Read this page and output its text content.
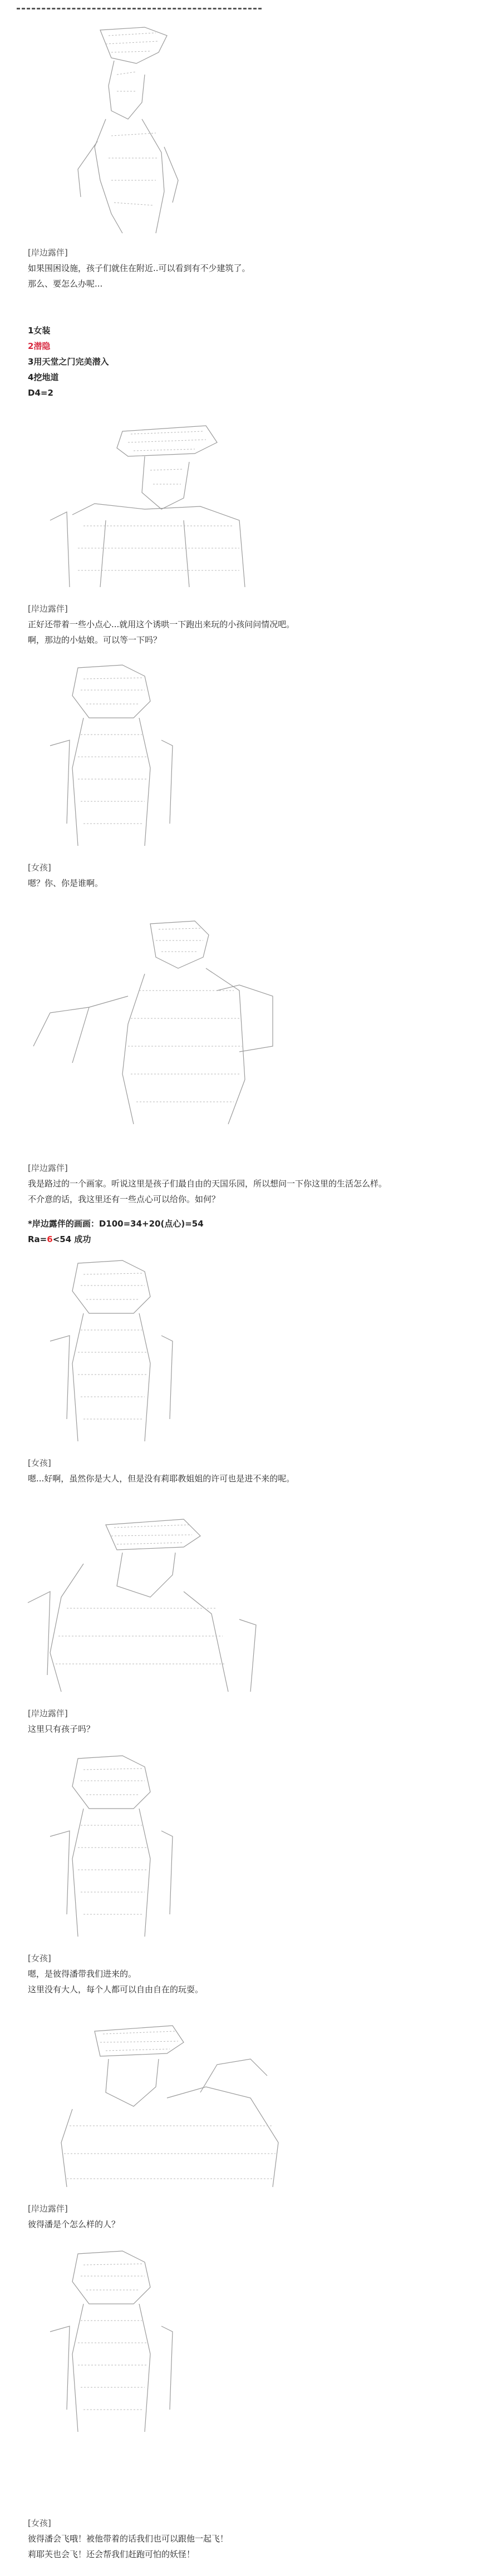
[岸边露伴]

如果围困设施，孩子们就住在附近..可以看到有不少建筑了。

那么、要怎么办呢...

1女装

2潜隐

3用天堂之门完美潜入

4挖地道

D4=2

[岸边露伴]

正好还带着一些小点心...就用这个诱哄一下跑出来玩的小孩问问情况吧。

啊，那边的小姑娘。可以等一下吗？

[女孩]

嗯？你、你是谁啊。

[岸边露伴]

我是路过的一个画家。听说这里是孩子们最自由的天国乐园，所以想问一下你这里的生活怎么样。

不介意的话，我这里还有一些点心可以给你。如何？

*岸边露伴的画画：D100=34+20(点心)=54

Ra=6<54 成功

[女孩]

嗯...好啊，虽然你是大人，但是没有莉耶教姐姐的许可也是进不来的呢。

[岸边露伴]

这里只有孩子吗？

[女孩]

嗯，是彼得潘带我们进来的。

这里没有大人，每个人都可以自由自在的玩耍。

[岸边露伴]

彼得潘是个怎么样的人？

[女孩]

彼得潘会飞哦！被他带着的话我们也可以跟他一起飞！

莉耶芙也会飞！还会帮我们赶跑可怕的妖怪！
